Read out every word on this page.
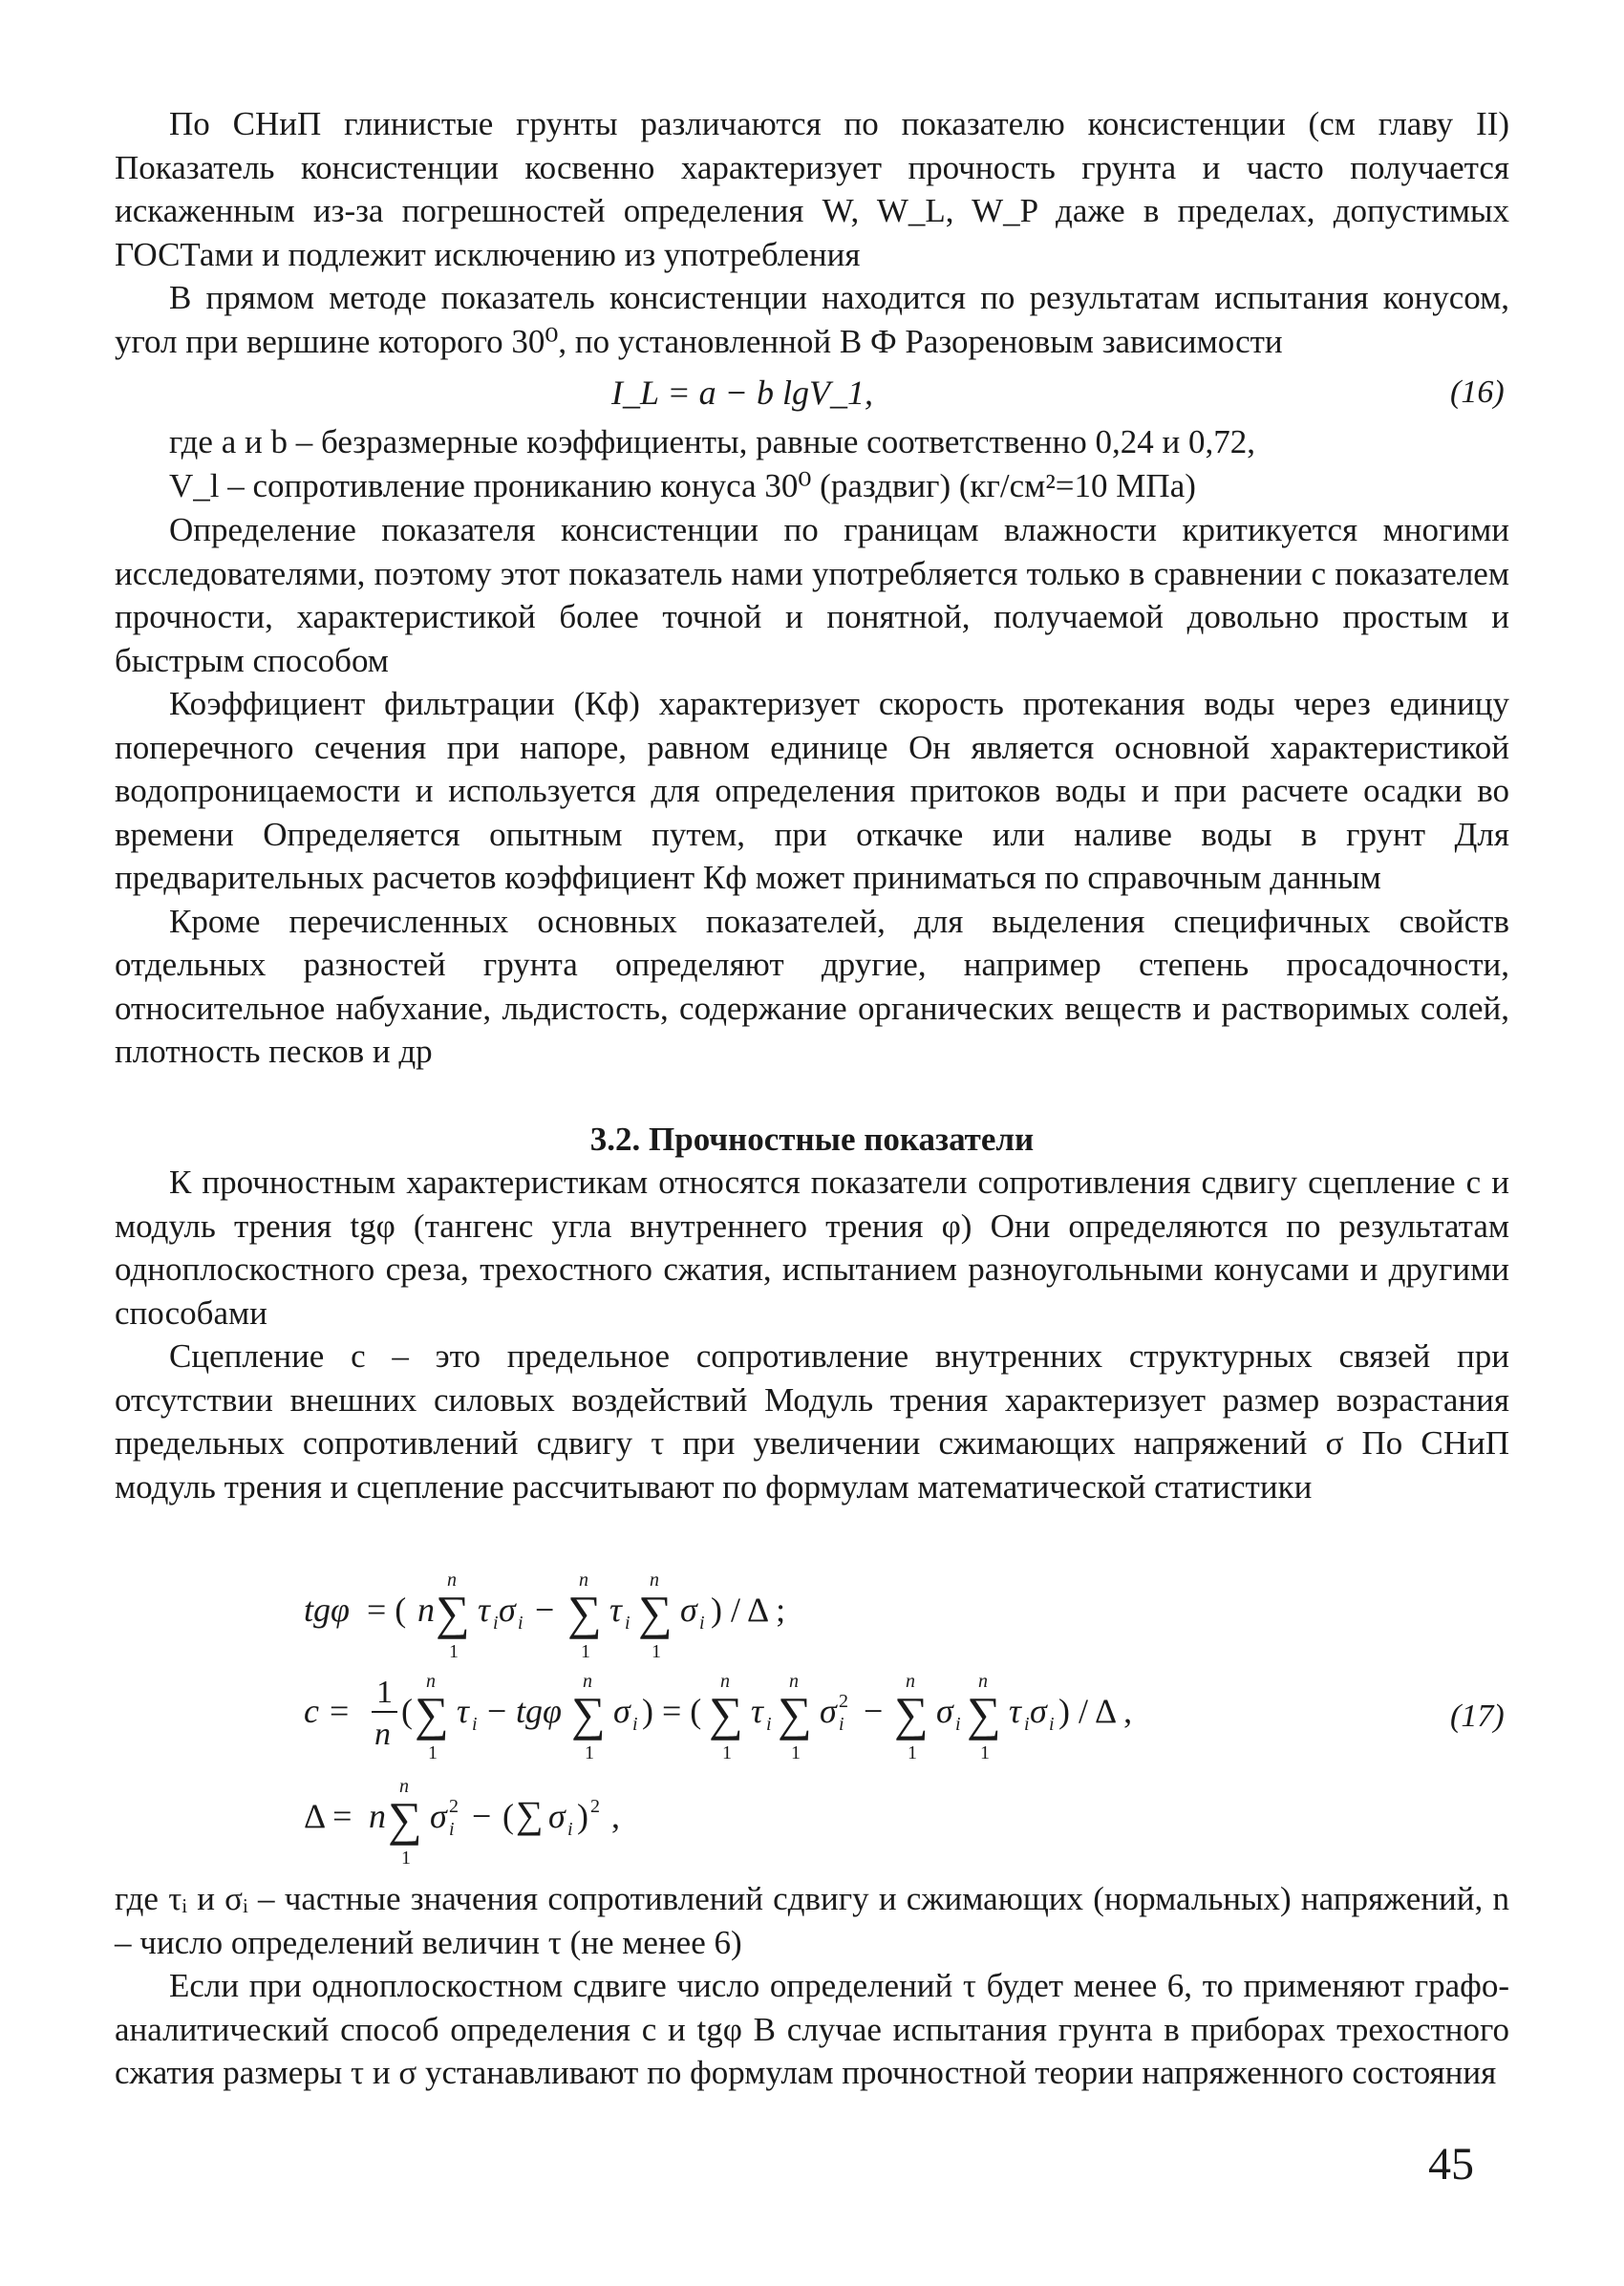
По СНиП глинистые грунты различаются по показателю консистенции (см главу II) Показатель консистенции косвенно характеризует прочность грунта и часто получается искаженным из-за погрешностей определения W, W_L, W_P даже в пределах, допустимых ГОСТами и подлежит исключению из употребления

В прямом методе показатель консистенции находится по результатам испытания конусом, угол при вершине которого 30⁰, по установленной В Ф Разореновым зависимости

I_L = a − b lgV_1,	(16)

где a и b – безразмерные коэффициенты, равные соответственно 0,24 и 0,72,

V_l – сопротивление прониканию конуса 30⁰ (раздвиг) (кг/см²=10 МПа)

Определение показателя консистенции по границам влажности критикуется многими исследователями, поэтому этот показатель нами употребляется только в сравнении с показателем прочности, характеристикой более точной и понятной, получаемой довольно простым и быстрым способом

Коэффициент фильтрации (Кф) характеризует скорость протекания воды через единицу поперечного сечения при напоре, равном единице Он является основной характеристикой водопроницаемости и используется для определения притоков воды и при расчете осадки во времени Определяется опытным путем, при откачке или наливе воды в грунт Для предварительных расчетов коэффициент Кф может приниматься по справочным данным

Кроме перечисленных основных показателей, для выделения специфичных свойств отдельных разностей грунта определяют другие, например степень просадочности, относительное набухание, льдистость, содержание органических веществ и растворимых солей, плотность песков и др

3.2. Прочностные показатели

К прочностным характеристикам относятся показатели сопротивления сдвигу сцепление c и модуль трения tgφ (тангенс угла внутреннего трения φ) Они определяются по результатам одноплоскостного среза, трехостного сжатия, испытанием разноугольными конусами и другими способами

Сцепление c – это предельное сопротивление внутренних структурных связей при отсутствии внешних силовых воздействий Модуль трения характеризует размер возрастания предельных сопротивлений сдвигу τ при увеличении сжимающих напряжений σ По СНиП модуль трения и сцепление рассчитывают по формулам математической статистики

tgφ = ( n ∑
n
1
τ i σ i − ∑
n
1
τ i ∑
n
1
σ i ) / Δ ;
c = 1
n
( ∑
n
1
τ i − tgφ ∑
n
1
σ i ) = ( ∑
n
1
τ i ∑
n
1
σ 2
i − ∑
n
1
σ i ∑
n
1
τ i σ i ) / Δ ,
Δ = n ∑
n
1
σ 2
i − ( ∑ σ i ) 2 ,
(17)

где τᵢ и σᵢ – частные значения сопротивлений сдвигу и сжимающих (нормальных) напряжений, n – число определений величин τ (не менее 6)

Если при одноплоскостном сдвиге число определений τ будет менее 6, то применяют графо-аналитический способ определения c и tgφ В случае испытания грунта в приборах трехостного сжатия размеры τ и σ устанавливают по формулам прочностной теории напряженного состояния

45
